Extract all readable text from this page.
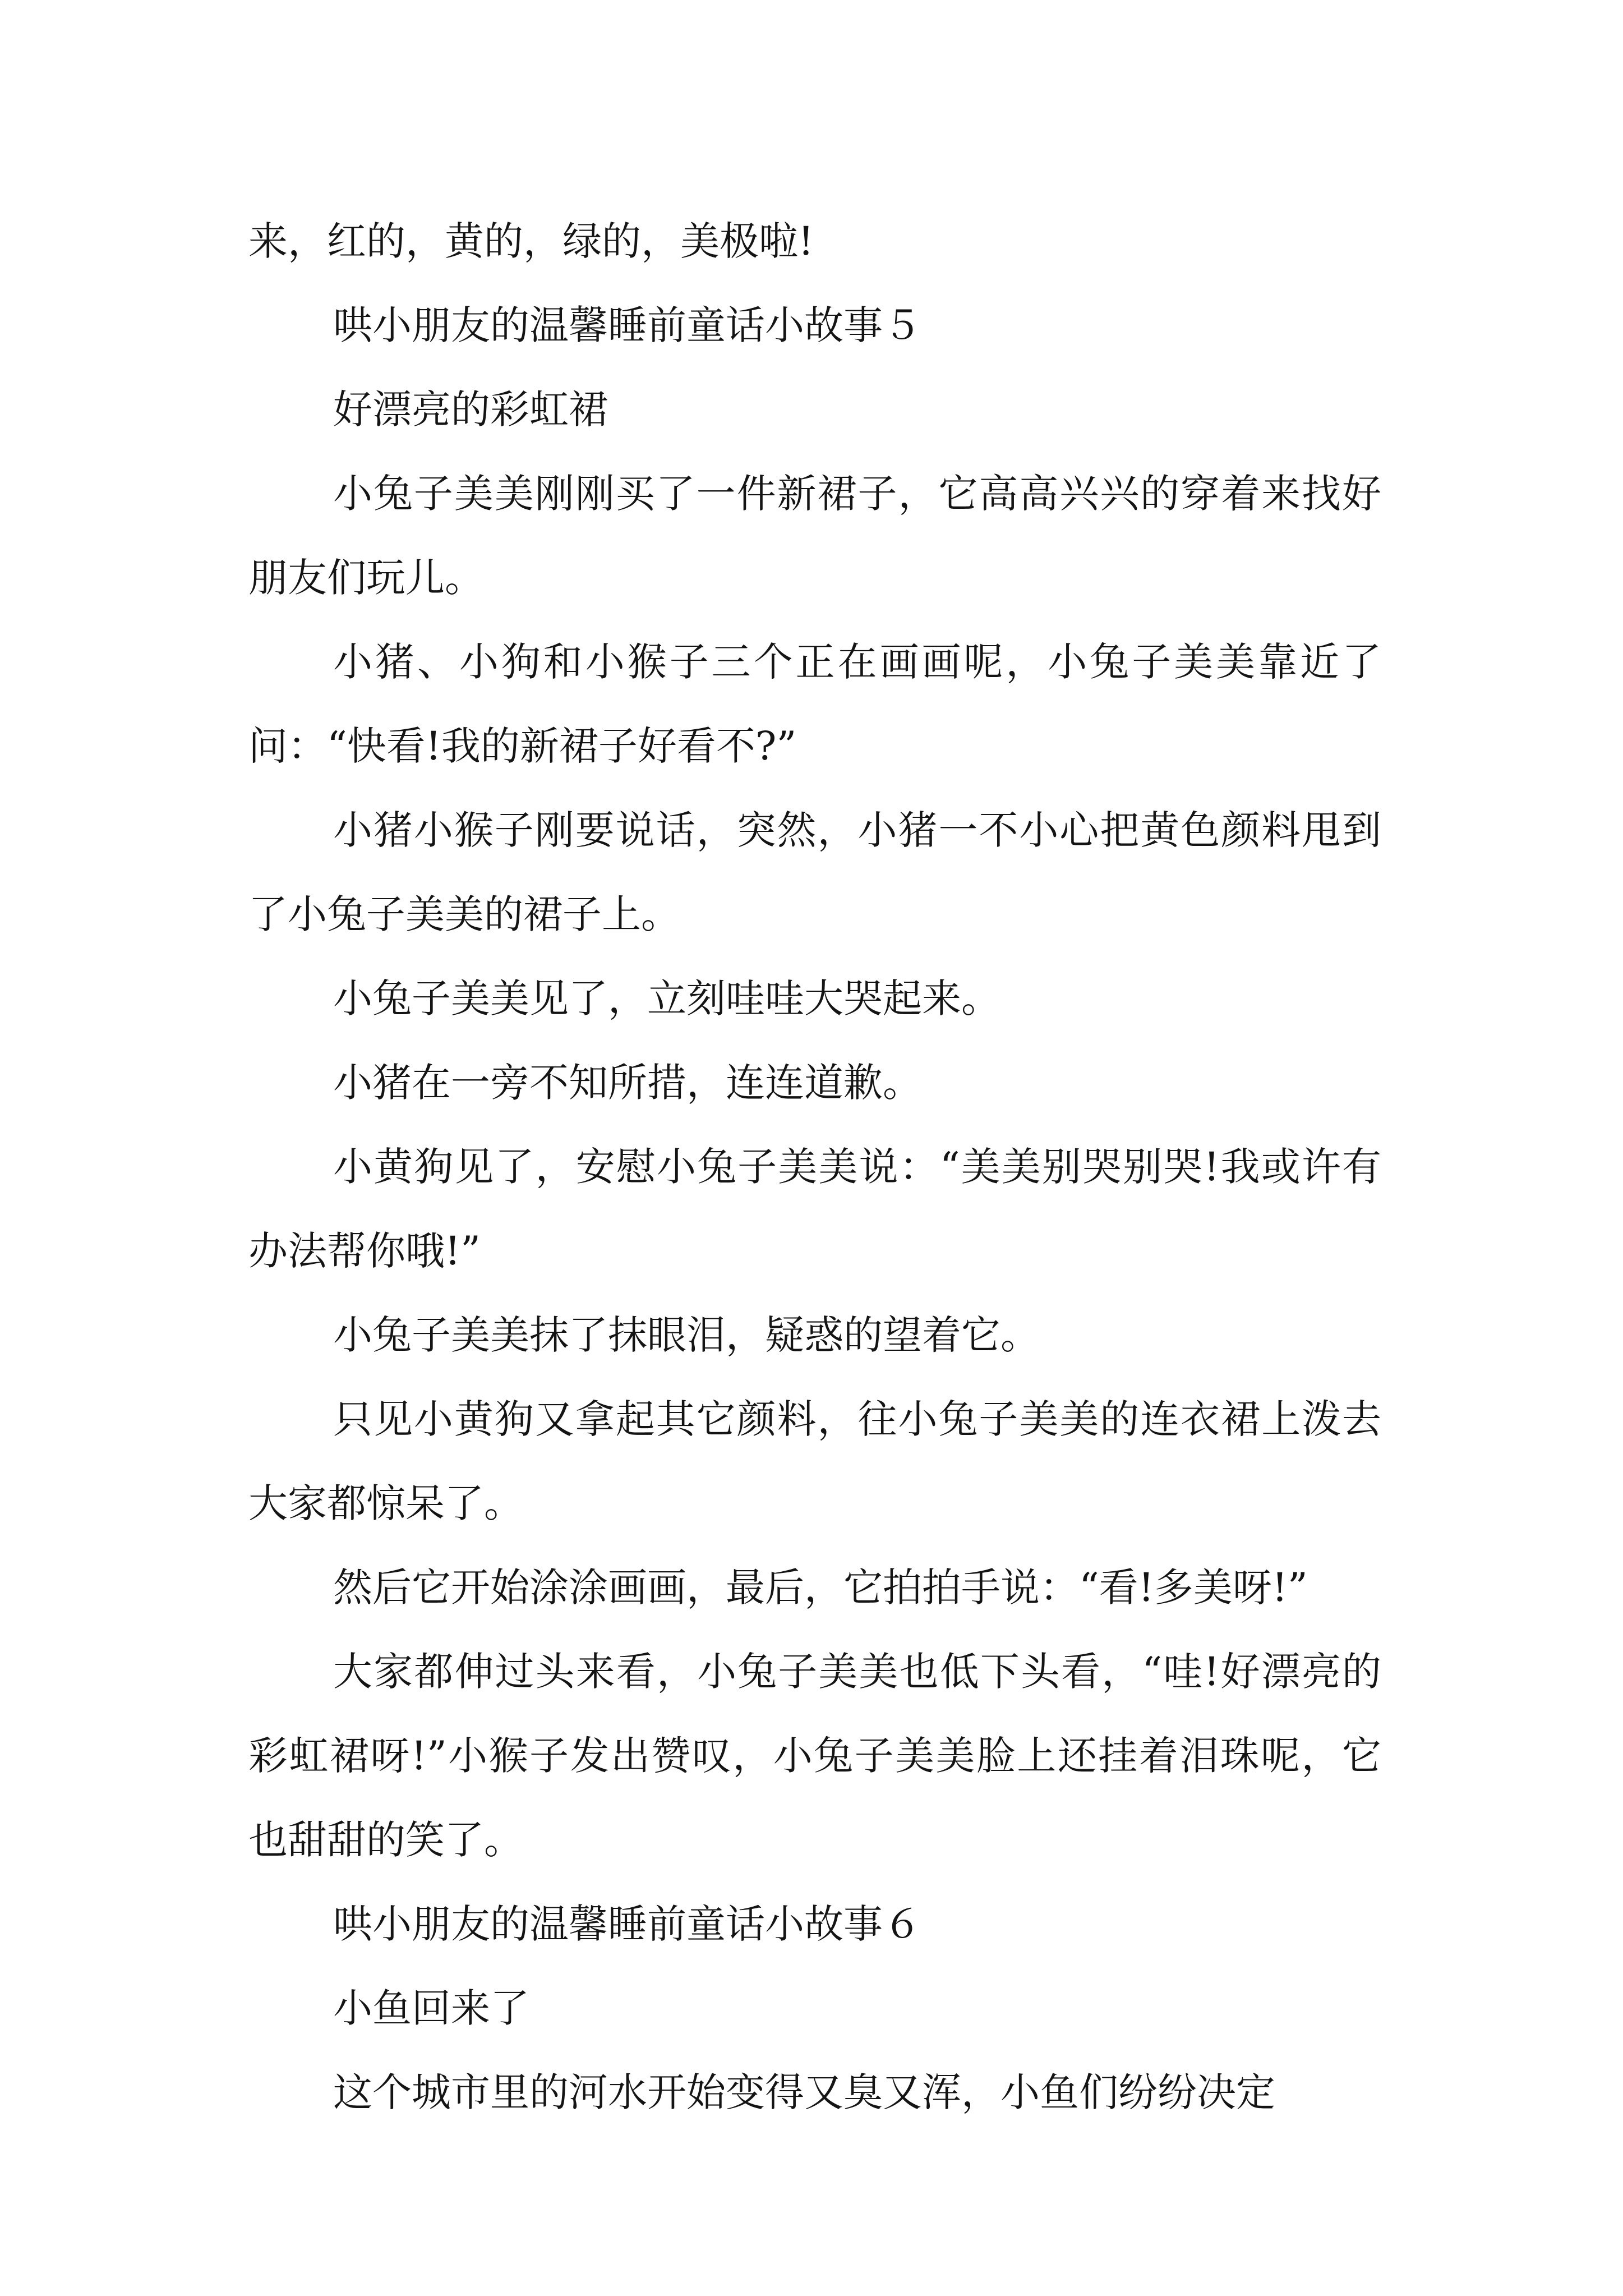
来，红的，黄的，绿的，美极啦!

哄小朋友的温馨睡前童话小故事５

好漂亮的彩虹裙

小兔子美美刚刚买了一件新裙子，它高高兴兴的穿着来找好朋友们玩儿。

小猪、小狗和小猴子三个正在画画呢，小兔子美美靠近了问：“快看!我的新裙子好看不?”

小猪小猴子刚要说话，突然，小猪一不小心把黄色颜料甩到了小兔子美美的裙子上。

小兔子美美见了，立刻哇哇大哭起来。

小猪在一旁不知所措，连连道歉。

小黄狗见了，安慰小兔子美美说：“美美别哭别哭!我或许有办法帮你哦!”

小兔子美美抹了抹眼泪，疑惑的望着它。

只见小黄狗又拿起其它颜料，往小兔子美美的连衣裙上泼去大家都惊呆了。

然后它开始涂涂画画，最后，它拍拍手说：“看!多美呀!”

大家都伸过头来看，小兔子美美也低下头看，“哇!好漂亮的彩虹裙呀!”小猴子发出赞叹，小兔子美美脸上还挂着泪珠呢，它也甜甜的笑了。

哄小朋友的温馨睡前童话小故事６

小鱼回来了

这个城市里的河水开始变得又臭又浑，小鱼们纷纷决定
